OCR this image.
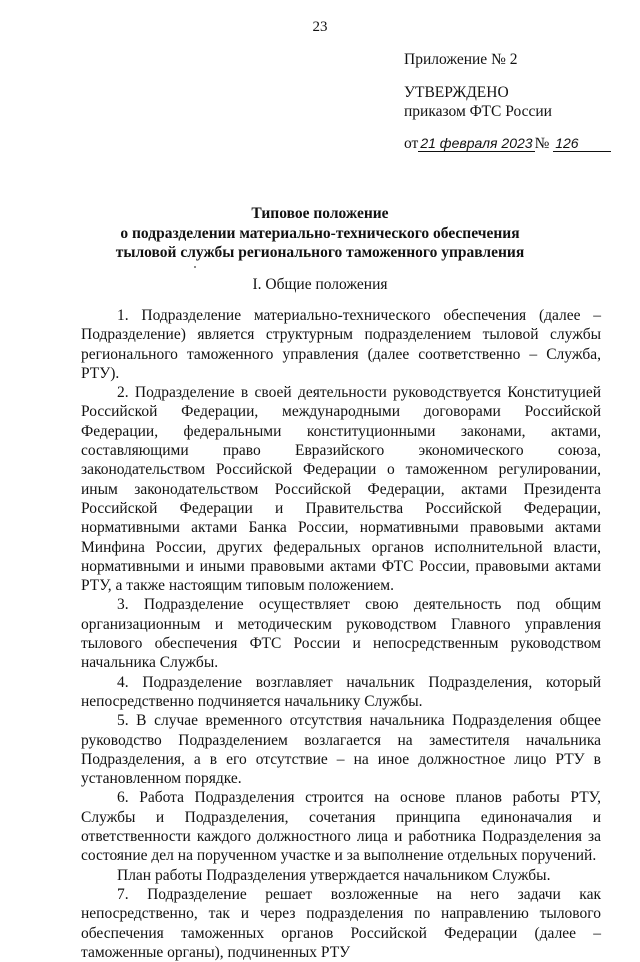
23
Приложение № 2
УТВЕРЖДЕНО
приказом ФТС России
от 21 февраля 2023 № 126
Типовое положение
о подразделении материально-технического обеспечения
тыловой службы регионального таможенного управления
I. Общие положения

1. Подразделение материально-технического обеспечения (далее – Подразделение) является структурным подразделением тыловой службы регионального таможенного управления (далее соответственно – Служба, РТУ).

2. Подразделение в своей деятельности руководствуется Конституцией Российской Федерации, международными договорами Российской Федерации, федеральными конституционными законами, актами, составляющими право Евразийского экономического союза, законодательством Российской Федерации о таможенном регулировании, иным законодательством Российской Федерации, актами Президента Российской Федерации и Правительства Российской Федерации, нормативными актами Банка России, нормативными правовыми актами Минфина России, других федеральных органов исполнительной власти, нормативными и иными правовыми актами ФТС России, правовыми актами РТУ, а также настоящим типовым положением.

3. Подразделение осуществляет свою деятельность под общим организационным и методическим руководством Главного управления тылового обеспечения ФТС России и непосредственным руководством начальника Службы.

4. Подразделение возглавляет начальник Подразделения, который непосредственно подчиняется начальнику Службы.

5. В случае временного отсутствия начальника Подразделения общее руководство Подразделением возлагается на заместителя начальника Подразделения, а в его отсутствие – на иное должностное лицо РТУ в установленном порядке.

6. Работа Подразделения строится на основе планов работы РТУ, Службы и Подразделения, сочетания принципа единоначалия и ответственности каждого должностного лица и работника Подразделения за состояние дел на порученном участке и за выполнение отдельных поручений.

План работы Подразделения утверждается начальником Службы.

7. Подразделение решает возложенные на него задачи как непосредственно, так и через подразделения по направлению тылового обеспечения таможенных органов Российской Федерации (далее – таможенные органы), подчиненных РТУ
